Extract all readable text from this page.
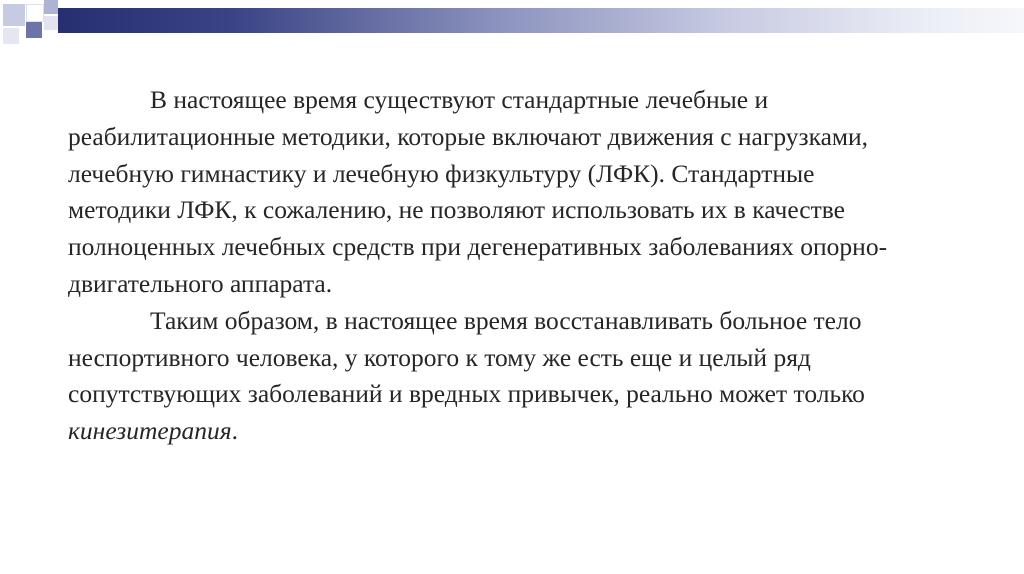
В настоящее время существуют стандартные лечебные и реабилитационные методики, которые включают движения с нагрузками, лечебную гимнастику и лечебную физкультуру (ЛФК). Стандартные методики ЛФК, к сожалению, не позволяют использовать их в качестве полноценных лечебных средств при дегенеративных заболеваниях опорно-двигательного аппарата.

Таким образом, в настоящее время восстанавливать больное тело неспортивного человека, у которого к тому же есть еще и целый ряд сопутствующих заболеваний и вредных привычек, реально может только кинезитерапия.
